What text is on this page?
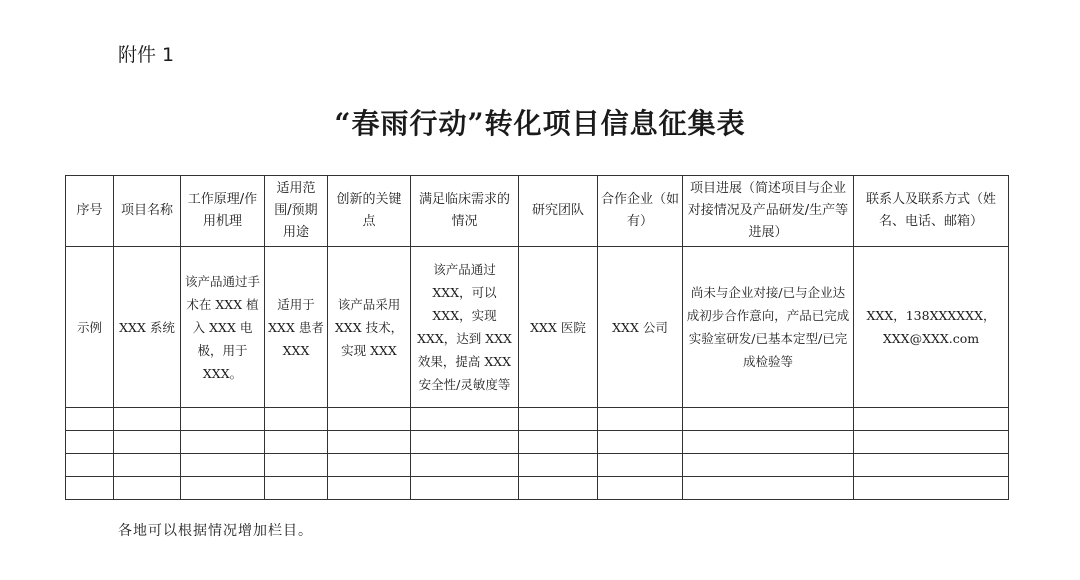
附件 1
“春雨行动”转化项目信息征集表
序号	项目名称	工作原理/作用机理	适用范围/预期用途	创新的关键点	满足临床需求的情况	研究团队	合作企业（如有）	项目进展（简述项目与企业对接情况及产品研发/生产等进展）	联系人及联系方式（姓名、电话、邮箱）
示例	XXX 系统	该产品通过手术在 XXX 植入 XXX 电极，用于 XXX。	适用于 XXX 患者 XXX	该产品采用 XXX 技术，实现 XXX	该产品通过 XXX，可以 XXX，实现 XXX，达到 XXX 效果，提高 XXX 安全性/灵敏度等	XXX 医院	XXX 公司	尚未与企业对接/已与企业达成初步合作意向，产品已完成实验室研发/已基本定型/已完成检验等	XXX，138XXXXXX，XXX@XXX.com

各地可以根据情况增加栏目。
